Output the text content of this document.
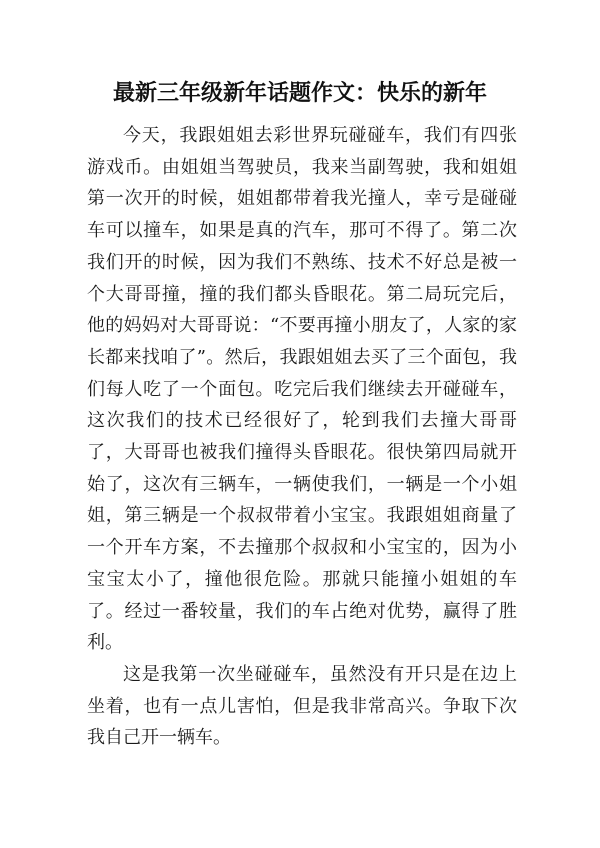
最新三年级新年话题作文：快乐的新年

今天，我跟姐姐去彩世界玩碰碰车，我们有四张游戏币。由姐姐当驾驶员，我来当副驾驶，我和姐姐第一次开的时候，姐姐都带着我光撞人，幸亏是碰碰车可以撞车，如果是真的汽车，那可不得了。第二次我们开的时候，因为我们不熟练、技术不好总是被一个大哥哥撞，撞的我们都头昏眼花。第二局玩完后，他的妈妈对大哥哥说：“不要再撞小朋友了，人家的家长都来找咱了”。然后，我跟姐姐去买了三个面包，我们每人吃了一个面包。吃完后我们继续去开碰碰车，这次我们的技术已经很好了，轮到我们去撞大哥哥了，大哥哥也被我们撞得头昏眼花。很快第四局就开始了，这次有三辆车，一辆使我们，一辆是一个小姐姐，第三辆是一个叔叔带着小宝宝。我跟姐姐商量了一个开车方案，不去撞那个叔叔和小宝宝的，因为小宝宝太小了，撞他很危险。那就只能撞小姐姐的车了。经过一番较量，我们的车占绝对优势，赢得了胜利。

这是我第一次坐碰碰车，虽然没有开只是在边上坐着，也有一点儿害怕，但是我非常高兴。争取下次我自己开一辆车。
